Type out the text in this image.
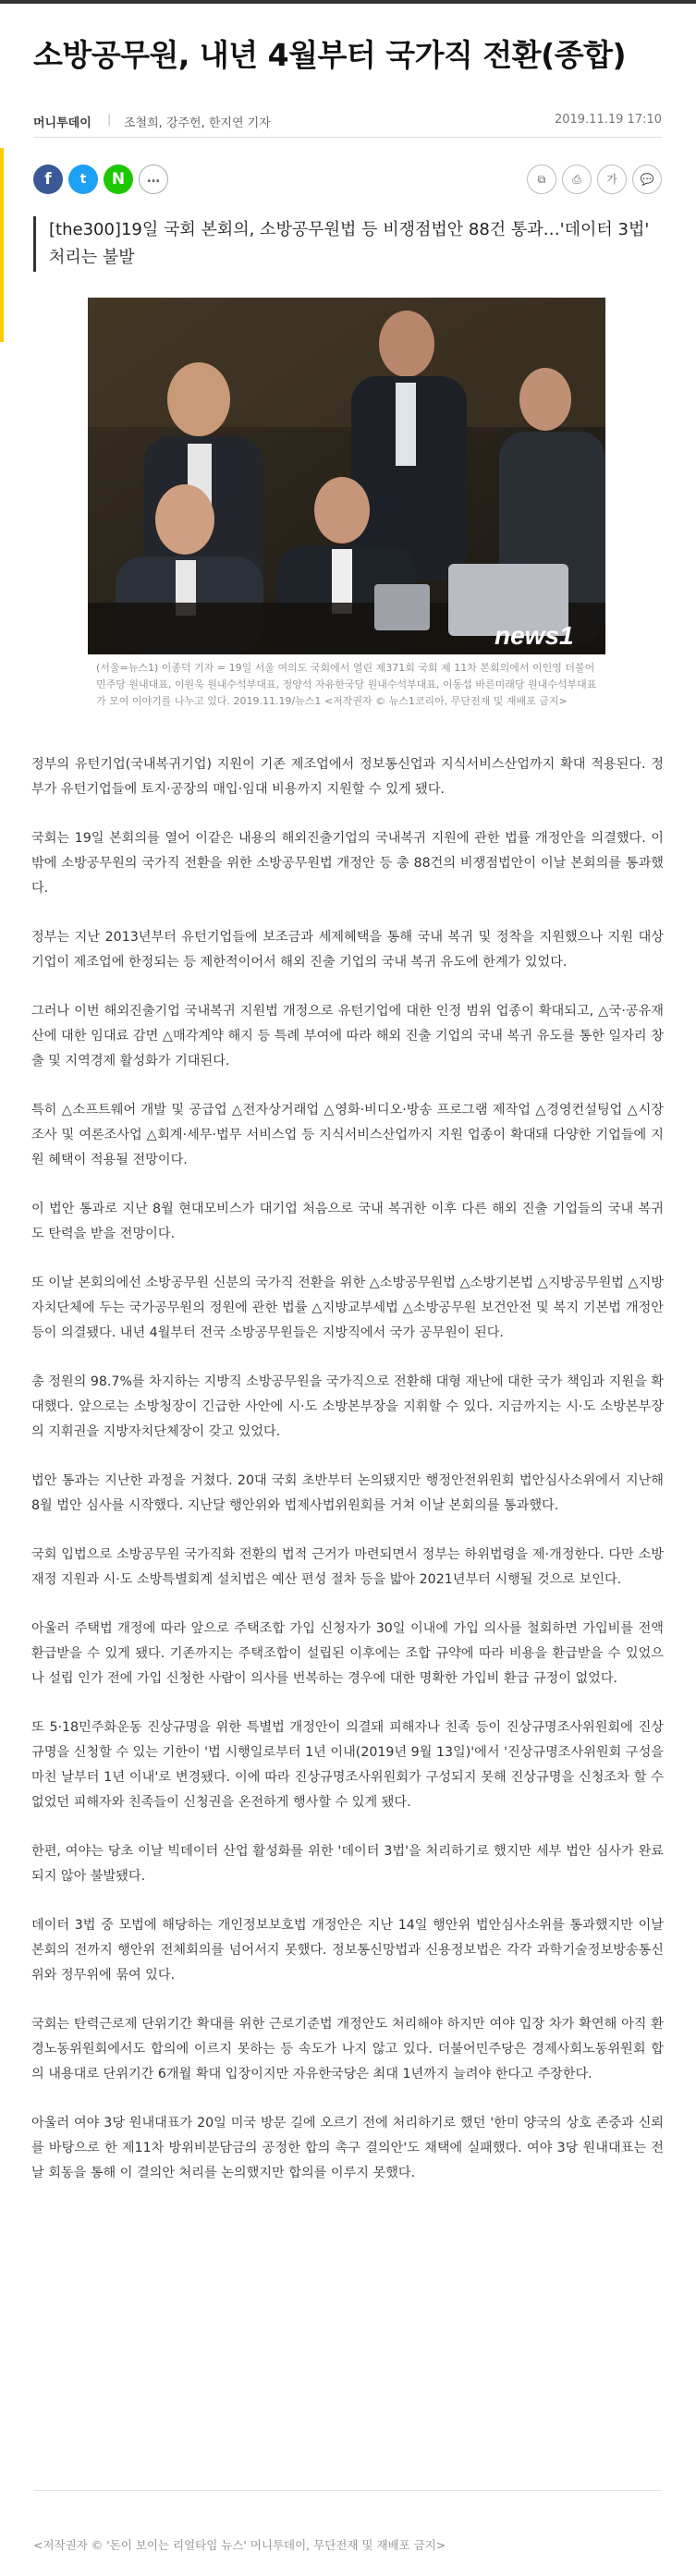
소방공무원, 내년 4월부터 국가직 전환(종합)
머니투데이 | 조철희, 강주헌, 한지연 기자	2019.11.19 17:10
f	t	N	…	⧉	⎙	가	💬

[the300]19일 국회 본회의, 소방공무원법 등 비쟁점법안 88건 통과…'데이터 3법' 처리는 불발

news1

(서울=뉴스1) 이종덕 기자 = 19일 서울 여의도 국회에서 열린 제371회 국회 제 11차 본회의에서 이인영 더불어민주당 원내대표, 이원욱 원내수석부대표, 정양석 자유한국당 원내수석부대표, 이동섭 바른미래당 원내수석부대표가 모여 이야기를 나누고 있다. 2019.11.19/뉴스1 <저작권자 © 뉴스1코리아, 무단전재 및 재배포 금지>

정부의 유턴기업(국내복귀기업) 지원이 기존 제조업에서 정보통신업과 지식서비스산업까지 확대 적용된다. 정부가 유턴기업들에 토지·공장의 매입·임대 비용까지 지원할 수 있게 됐다.

국회는 19일 본회의를 열어 이같은 내용의 해외진출기업의 국내복귀 지원에 관한 법률 개정안을 의결했다. 이 밖에 소방공무원의 국가직 전환을 위한 소방공무원법 개정안 등 총 88건의 비쟁점법안이 이날 본회의를 통과했다.

정부는 지난 2013년부터 유턴기업들에 보조금과 세제혜택을 통해 국내 복귀 및 정착을 지원했으나 지원 대상 기업이 제조업에 한정되는 등 제한적이어서 해외 진출 기업의 국내 복귀 유도에 한계가 있었다.

그러나 이번 해외진출기업 국내복귀 지원법 개정으로 유턴기업에 대한 인정 범위 업종이 확대되고, △국·공유재산에 대한 임대료 감면 △매각계약 해지 등 특례 부여에 따라 해외 진출 기업의 국내 복귀 유도를 통한 일자리 창출 및 지역경제 활성화가 기대된다.

특히 △소프트웨어 개발 및 공급업 △전자상거래업 △영화·비디오·방송 프로그램 제작업 △경영컨설팅업 △시장조사 및 여론조사업 △회계·세무·법무 서비스업 등 지식서비스산업까지 지원 업종이 확대돼 다양한 기업들에 지원 혜택이 적용될 전망이다.

이 법안 통과로 지난 8월 현대모비스가 대기업 처음으로 국내 복귀한 이후 다른 해외 진출 기업들의 국내 복귀도 탄력을 받을 전망이다.

또 이날 본회의에선 소방공무원 신분의 국가직 전환을 위한 △소방공무원법 △소방기본법 △지방공무원법 △지방자치단체에 두는 국가공무원의 정원에 관한 법률 △지방교부세법 △소방공무원 보건안전 및 복지 기본법 개정안 등이 의결됐다. 내년 4월부터 전국 소방공무원들은 지방직에서 국가 공무원이 된다.

총 정원의 98.7%를 차지하는 지방직 소방공무원을 국가직으로 전환해 대형 재난에 대한 국가 책임과 지원을 확대했다. 앞으로는 소방청장이 긴급한 사안에 시·도 소방본부장을 지휘할 수 있다. 지금까지는 시·도 소방본부장의 지휘권을 지방자치단체장이 갖고 있었다.

법안 통과는 지난한 과정을 거쳤다. 20대 국회 초반부터 논의됐지만 행정안전위원회 법안심사소위에서 지난해 8월 법안 심사를 시작했다. 지난달 행안위와 법제사법위원회를 거쳐 이날 본회의를 통과했다.

국회 입법으로 소방공무원 국가직화 전환의 법적 근거가 마련되면서 정부는 하위법령을 제·개정한다. 다만 소방재정 지원과 시·도 소방특별회계 설치법은 예산 편성 절차 등을 밟아 2021년부터 시행될 것으로 보인다.

아울러 주택법 개정에 따라 앞으로 주택조합 가입 신청자가 30일 이내에 가입 의사를 철회하면 가입비를 전액 환급받을 수 있게 됐다. 기존까지는 주택조합이 설립된 이후에는 조합 규약에 따라 비용을 환급받을 수 있었으나 설립 인가 전에 가입 신청한 사람이 의사를 번복하는 경우에 대한 명확한 가입비 환급 규정이 없었다.

또 5·18민주화운동 진상규명을 위한 특별법 개정안이 의결돼 피해자나 친족 등이 진상규명조사위원회에 진상규명을 신청할 수 있는 기한이 '법 시행일로부터 1년 이내(2019년 9월 13일)'에서 '진상규명조사위원회 구성을 마친 날부터 1년 이내'로 변경됐다. 이에 따라 진상규명조사위원회가 구성되지 못해 진상규명을 신청조차 할 수 없었던 피해자와 친족들이 신청권을 온전하게 행사할 수 있게 됐다.

한편, 여야는 당초 이날 빅데이터 산업 활성화를 위한 '데이터 3법'을 처리하기로 했지만 세부 법안 심사가 완료되지 않아 불발됐다.

데이터 3법 중 모법에 해당하는 개인정보보호법 개정안은 지난 14일 행안위 법안심사소위를 통과했지만 이날 본회의 전까지 행안위 전체회의를 넘어서지 못했다. 정보통신망법과 신용정보법은 각각 과학기술정보방송통신위와 정무위에 묶여 있다.

국회는 탄력근로제 단위기간 확대를 위한 근로기준법 개정안도 처리해야 하지만 여야 입장 차가 확연해 아직 환경노동위원회에서도 합의에 이르지 못하는 등 속도가 나지 않고 있다. 더불어민주당은 경제사회노동위원회 합의 내용대로 단위기간 6개월 확대 입장이지만 자유한국당은 최대 1년까지 늘려야 한다고 주장한다.

아울러 여야 3당 원내대표가 20일 미국 방문 길에 오르기 전에 처리하기로 했던 '한미 양국의 상호 존중과 신뢰를 바탕으로 한 제11차 방위비분담금의 공정한 합의 촉구 결의안'도 채택에 실패했다. 여야 3당 원내대표는 전날 회동을 통해 이 결의안 처리를 논의했지만 합의를 이루지 못했다.

<저작권자 © '돈이 보이는 리얼타임 뉴스' 머니투데이, 무단전재 및 재배포 금지>
